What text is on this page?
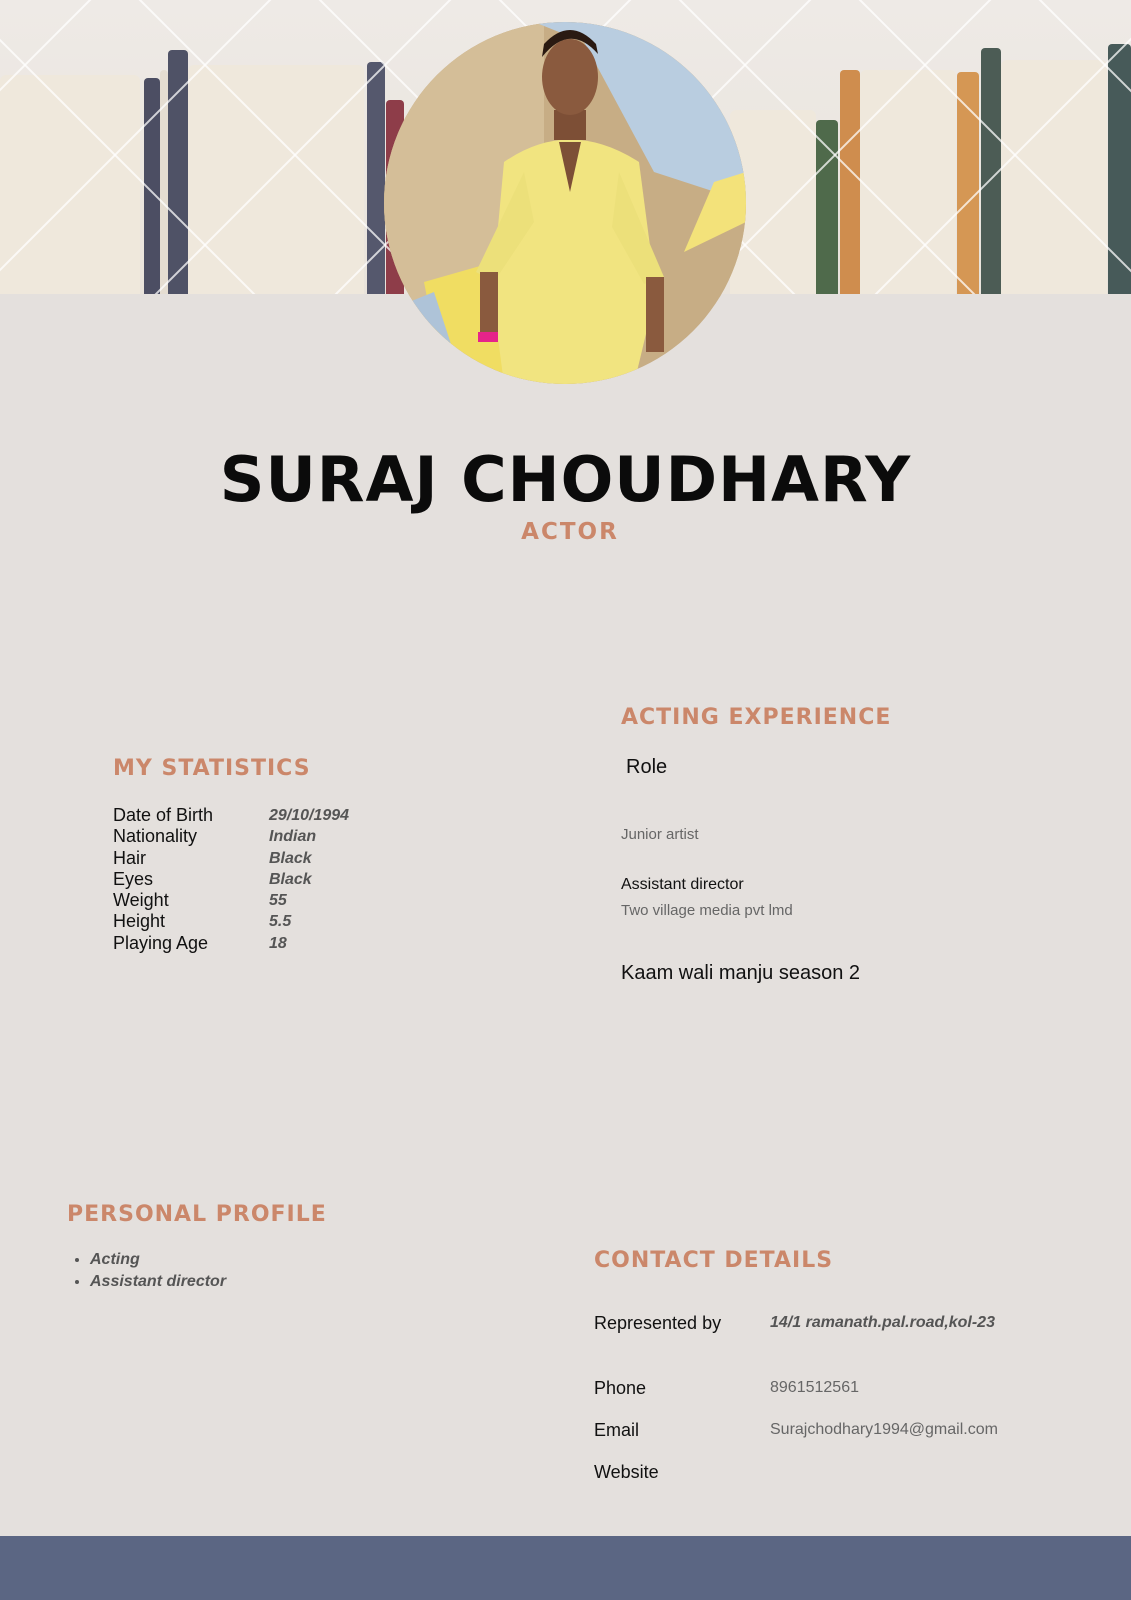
SURAJ CHOUDHARY
ACTOR
MY STATISTICS
Date of Birth	29/10/1994
Nationality	Indian
Hair	Black
Eyes	Black
Weight	55
Height	5.5
Playing Age	18
ACTING EXPERIENCE
Role
Junior artist
Assistant director
Two village media pvt lmd
Kaam wali manju season 2
PERSONAL PROFILE
• Acting
• Assistant director
CONTACT DETAILS
Represented by	14/1 ramanath.pal.road,kol-23
Phone	8961512561
Email	Surajchodhary1994@gmail.com
Website
